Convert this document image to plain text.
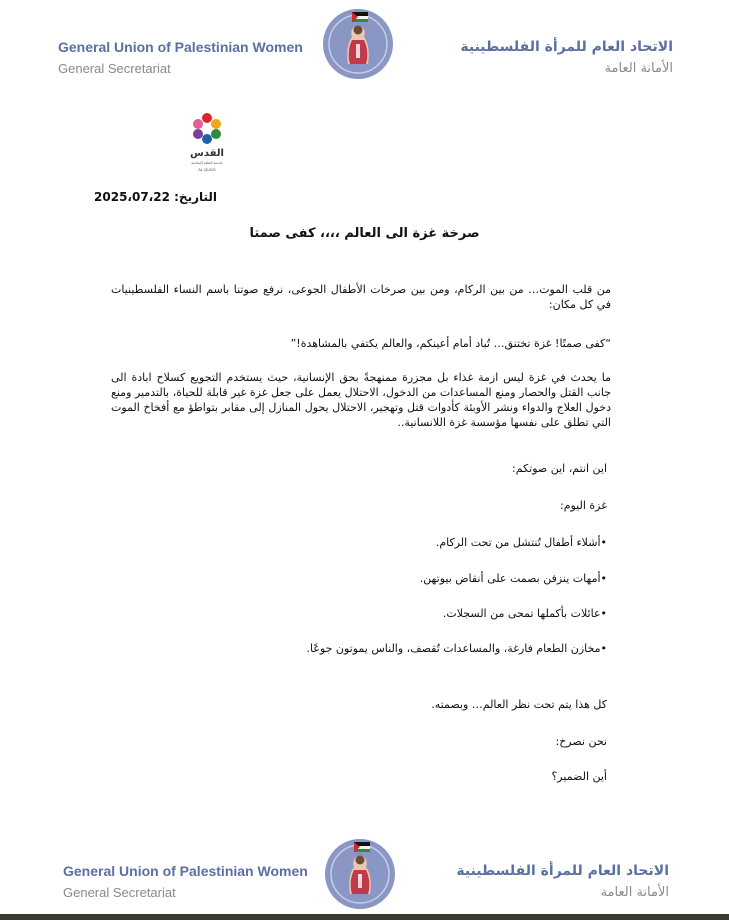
General Union of Palestinian Women
General Secretariat
الاتحاد العام للمرأة الفلسطينية
الأمانة العامة
القدس
عاصمة الثقافة الإسلامية
AL QUDS
التاريخ: 2025،07،22
صرخة غزة الى العالم ،،،، كفى صمتا
من قلب الموت… من بين الركام، ومن بين صرخات الأطفال الجوعى، نرفع صوتنا باسم النساء الفلسطينيات في كل مكان:
“كفى صمتًا! غزة تختنق… تُباد أمام أعينكم، والعالم يكتفي بالمشاهدة!”
ما يحدث في غزة ليس ازمة غذاء بل مجزرة ممنهجةً بحق الإنسانية، حيث يستخدم التجويع كسلاح ابادة الى جانب القتل والحصار ومنع المساعدات من الدخول، الاحتلال يعمل على جعل غزة غير قابلة للحياة، بالتدمير ومنع دخول العلاج والدواء ونشر الأوبئة كأدوات قتل وتهجير، الاحتلال يحول المنازل إلى مقابر بتواطؤ مع أفخاخ الموت التي تطلق على نفسها مؤسسة غزة اللانسانية..
اين انتم، اين صوتكم:
غزة اليوم:
•أشلاء أطفال تُنتشل من تحت الركام.
•أمهات ينزفن بصمت على أنقاض بيوتهن.
•عائلات بأكملها تمحى من السجلات.
•مخازن الطعام فارغة، والمساعدات تُقصف، والناس يموتون جوعًا.
كل هذا يتم تحت نظر العالم… وبصمته.
نحن نصرخ:
أين الضمير؟
General Union of Palestinian Women
General Secretariat
الاتحاد العام للمرأة الفلسطينية
الأمانة العامة
